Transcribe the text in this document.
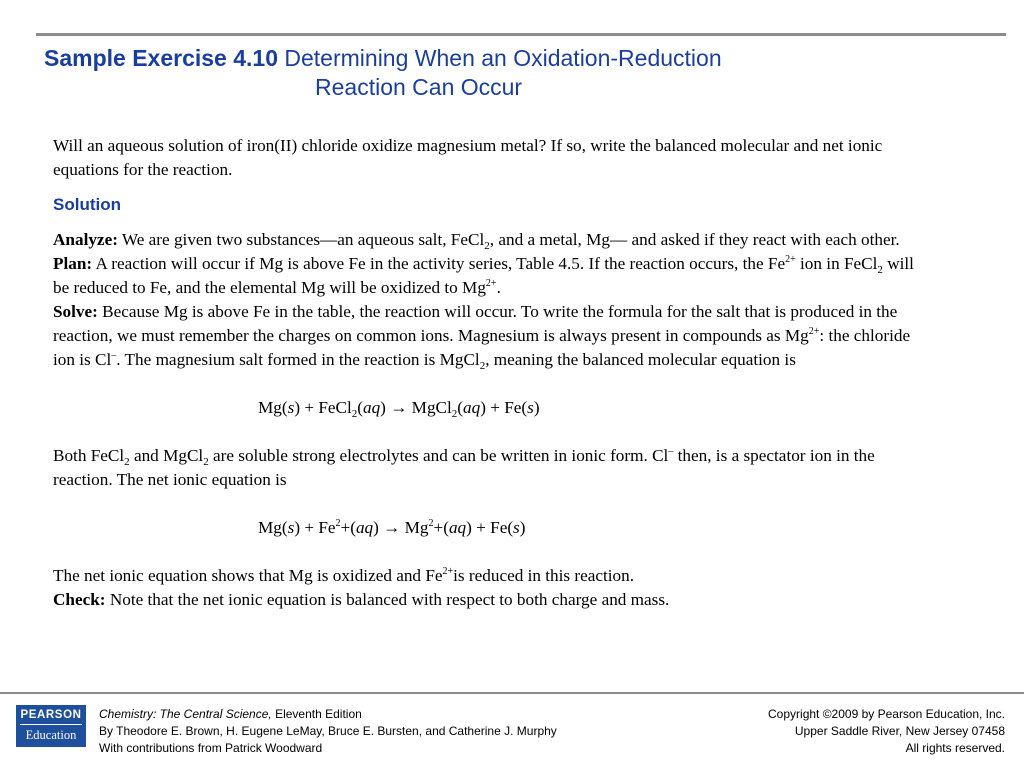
Sample Exercise 4.10 Determining When an Oxidation-Reduction
Reaction Can Occur

Will an aqueous solution of iron(II) chloride oxidize magnesium metal? If so, write the balanced molecular and net ionic equations for the reaction.

Solution

Analyze: We are given two substances—an aqueous salt, FeCl$_2$, and a metal, Mg— and asked if they react with each other.

Plan: A reaction will occur if Mg is above Fe in the activity series, Table 4.5. If the reaction occurs, the $Fe^{2+}$ ion in FeCl$_2$ will be reduced to Fe, and the elemental Mg will be oxidized to $Mg^{2+}$.

Solve: Because Mg is above Fe in the table, the reaction will occur. To write the formula for the salt that is produced in the reaction, we must remember the charges on common ions. Magnesium is always present in compounds as $Mg^{2+}$: the chloride ion is Cl–. The magnesium salt formed in the reaction is MgCl$_2$, meaning the balanced molecular equation is

Mg(s) + FeCl$_2$(aq) → MgCl$_2$(aq) + Fe(s)

Both FeCl$_2$ and MgCl$_2$ are soluble strong electrolytes and can be written in ionic form. Cl– then, is a spectator ion in the reaction. The net ionic equation is

$Mg(s) + Fe^2+(aq) \to Mg^2+(aq) + Fe(s)$

The net ionic equation shows that Mg is oxidized and $Fe^{2+}is$ reduced in this reaction.

Check: Note that the net ionic equation is balanced with respect to both charge and mass.

PEARSON
Education
Chemistry: The Central Science, Eleventh Edition
By Theodore E. Brown, H. Eugene LeMay, Bruce E. Bursten, and Catherine J. Murphy
With contributions from Patrick Woodward
Copyright ©2009 by Pearson Education, Inc.
Upper Saddle River, New Jersey 07458
All rights reserved.
